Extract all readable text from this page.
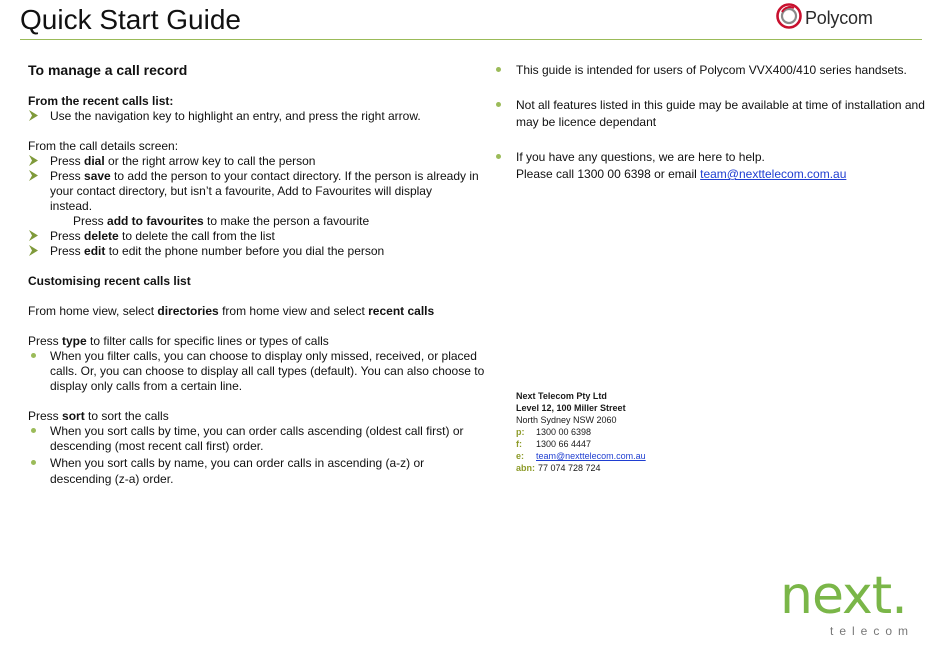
Quick Start Guide	Polycom
To manage a call record
From the recent calls list:
Use the navigation key to highlight an entry, and press the right arrow.
From the call details screen:
Press dial or the right arrow key to call the person
Press save to add the person to your contact directory. If the person is already in
your contact directory, but isn’t a favourite, Add to Favourites will display
instead.
Press add to favourites to make the person a favourite
Press delete to delete the call from the list
Press edit to edit the phone number before you dial the person
Customising recent calls list
From home view, select directories from home view and select recent calls
Press type to filter calls for specific lines or types of calls
When you filter calls, you can choose to display only missed, received, or placed
calls. Or, you can choose to display all call types (default). You can also choose to
display only calls from a certain line.
Press sort to sort the calls
When you sort calls by time, you can order calls ascending (oldest call first) or
descending (most recent call first) order.
When you sort calls by name, you can order calls in ascending (a-z) or
descending (z-a) order.
This guide is intended for users of Polycom VVX400/410 series handsets.
Not all features listed in this guide may be available at time of installation and
may be licence dependant
If you have any questions, we are here to help.
Please call 1300 00 6398 or email team@nexttelecom.com.au
Next Telecom Pty Ltd
Level 12, 100 Miller Street
North Sydney NSW 2060
p: 1300 00 6398
f: 1300 66 4447
e: team@nexttelecom.com.au
abn: 77 074 728 724
next.
telecom
